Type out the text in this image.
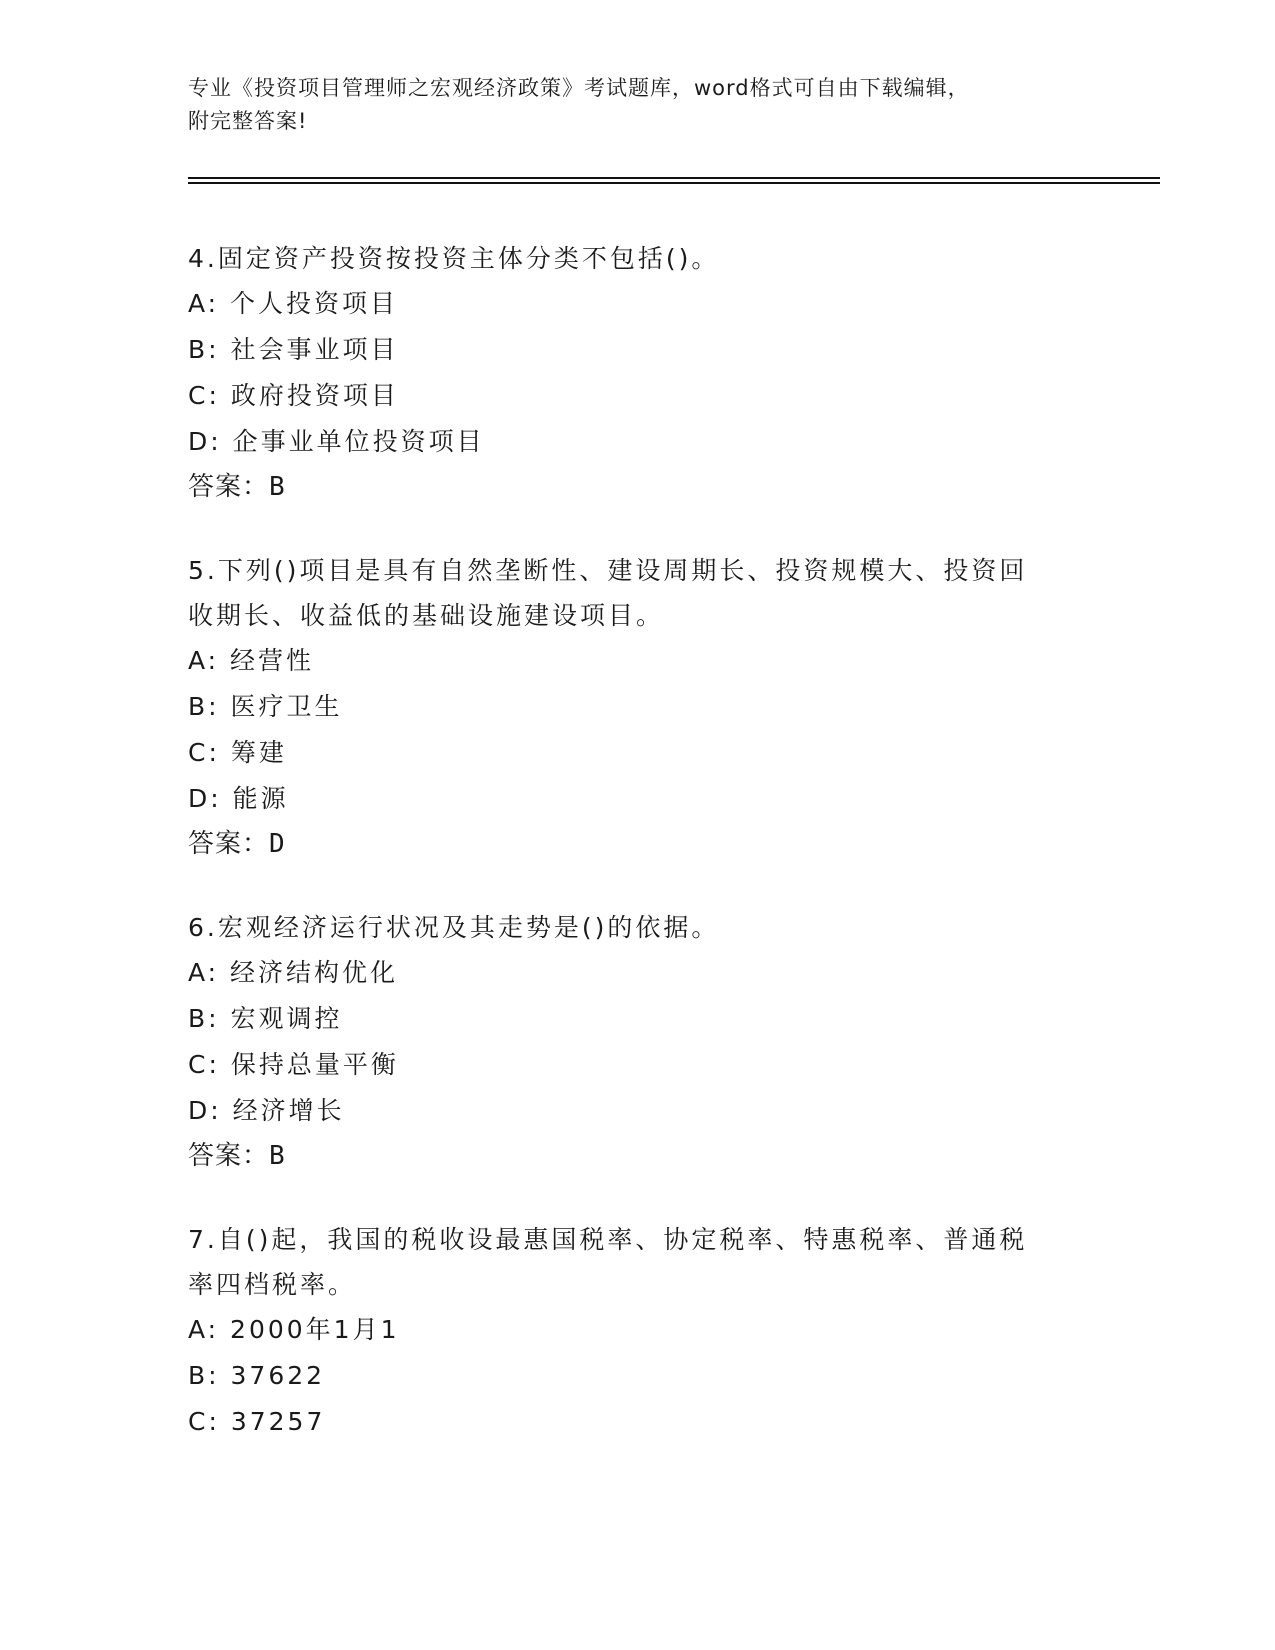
专业《投资项目管理师之宏观经济政策》考试题库，word格式可自由下载编辑，
附完整答案!
4.固定资产投资按投资主体分类不包括()。
A: 个人投资项目
B: 社会事业项目
C: 政府投资项目
D: 企事业单位投资项目
答案：B
5.下列()项目是具有自然垄断性、建设周期长、投资规模大、投资回
收期长、收益低的基础设施建设项目。
A: 经营性
B: 医疗卫生
C: 筹建
D: 能源
答案：D
6.宏观经济运行状况及其走势是()的依据。
A: 经济结构优化
B: 宏观调控
C: 保持总量平衡
D: 经济增长
答案：B
7.自()起，我国的税收设最惠国税率、协定税率、特惠税率、普通税
率四档税率。
A: 2000年1月1
B: 37622
C: 37257
